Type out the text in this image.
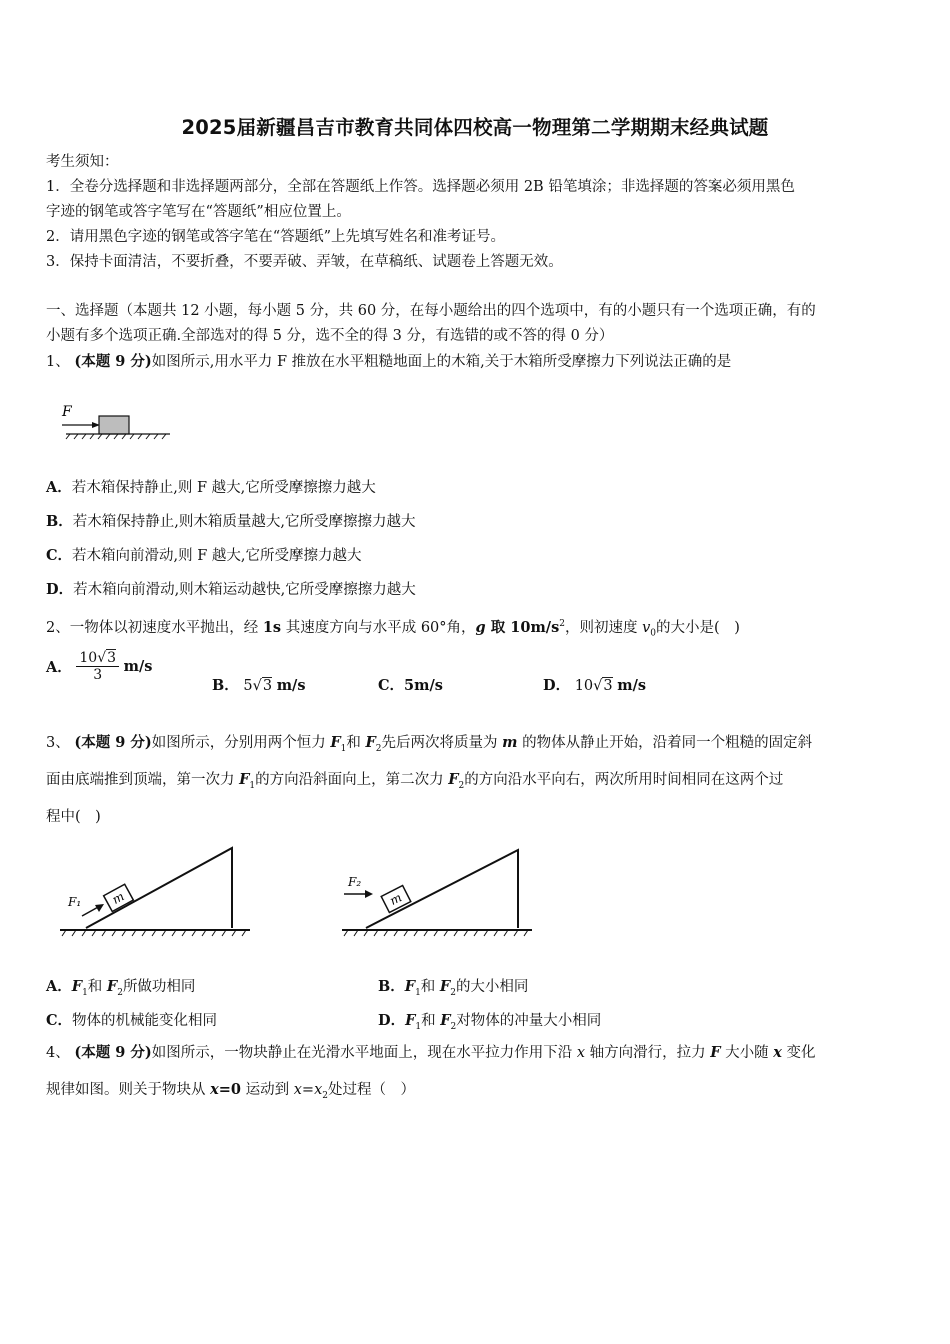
2025届新疆昌吉市教育共同体四校高一物理第二学期期末经典试题
考生须知：
1．全卷分选择题和非选择题两部分，全部在答题纸上作答。选择题必须用 2B 铅笔填涂；非选择题的答案必须用黑色
字迹的钢笔或答字笔写在“答题纸”相应位置上。
2．请用黑色字迹的钢笔或答字笔在“答题纸”上先填写姓名和准考证号。
3．保持卡面清洁，不要折叠，不要弄破、弄皱，在草稿纸、试题卷上答题无效。
一、选择题（本题共 12 小题，每小题 5 分，共 60 分，在每小题给出的四个选项中，有的小题只有一个选项正确，有的
小题有多个选项正确.全部选对的得 5 分，选不全的得 3 分，有选错的或不答的得 0 分）
1、 (本题 9 分)如图所示,用水平力 F 推放在水平粗糙地面上的木箱,关于木箱所受摩擦力下列说法正确的是
F
A．若木箱保持静止,则 F 越大,它所受摩擦擦力越大
B．若木箱保持静止,则木箱质量越大,它所受摩擦擦力越大
C．若木箱向前滑动,则 F 越大,它所受摩擦力越大
D．若木箱向前滑动,则木箱运动越快,它所受摩擦擦力越大
2、一物体以初速度水平抛出，经 1s 其速度方向与水平成 60°角，g 取 $10m/s^2$，则初速度 $v_0$的大小是(　)
A． $\frac{10√3}{3} m/s$
B． 5√3 m/s	C．5m/s	D． 10√3 m/s
3、 (本题 9 分)如图所示，分别用两个恒力 $F_1$和 $F_2$先后两次将质量为 m 的物体从静止开始，沿着同一个粗糙的固定斜
面由底端推到顶端，第一次力 $F_1$的方向沿斜面向上，第二次力 $F_2$的方向沿水平向右，两次所用时间相同在这两个过
程中(　)
m
F₁	m
F₂
A．$F_1$和 $F_2$所做功相同	B．$F_1$和 $F_2$的大小相同
C．物体的机械能变化相同	D．$F_1$和 $F_2$对物体的冲量大小相同
4、 (本题 9 分)如图所示，一物块静止在光滑水平地面上，现在水平拉力作用下沿 x 轴方向滑行，拉力 F 大小随 x 变化
规律如图。则关于物块从 x=0 运动到 $x=x_2$处过程（　）
